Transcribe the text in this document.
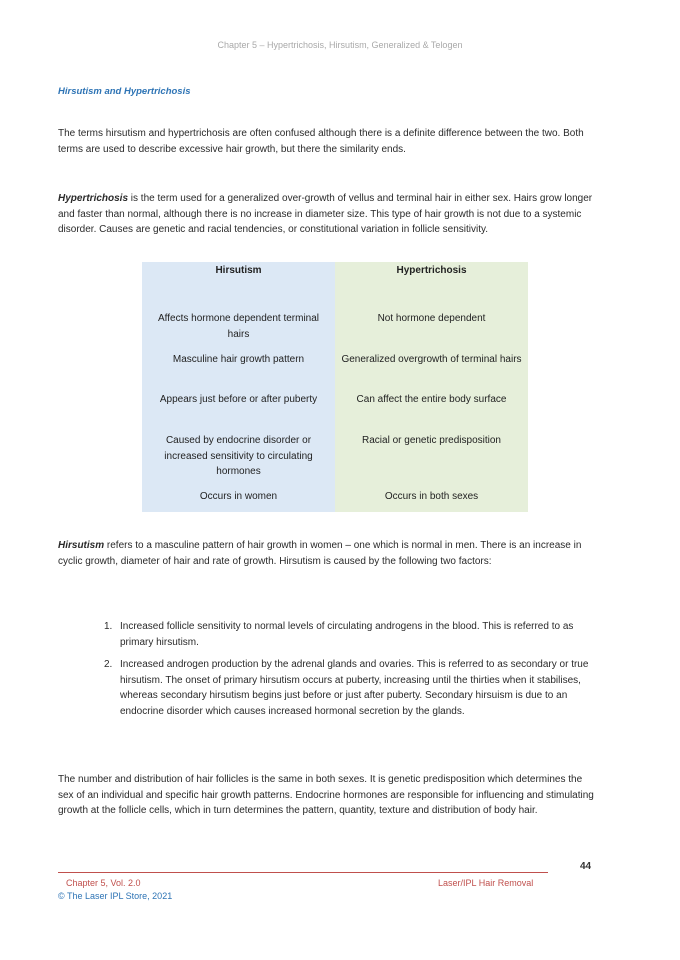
Chapter 5 – Hypertrichosis, Hirsutism, Generalized & Telogen
Hirsutism and Hypertrichosis
The terms hirsutism and hypertrichosis are often confused although there is a definite difference between the two. Both terms are used to describe excessive hair growth, but there the similarity ends.
Hypertrichosis is the term used for a generalized over-growth of vellus and terminal hair in either sex. Hairs grow longer and faster than normal, although there is no increase in diameter size. This type of hair growth is not due to a systemic disorder. Causes are genetic and racial tendencies, or constitutional variation in follicle sensitivity.
Hirsutism
Affects hormone dependent terminal hairs
Masculine hair growth pattern
Appears just before or after puberty
Caused by endocrine disorder or increased sensitivity to circulating hormones
Occurs in women
Hypertrichosis
Not hormone dependent
Generalized overgrowth of terminal hairs
Can affect the entire body surface
Racial or genetic predisposition
Occurs in both sexes
Hirsutism refers to a masculine pattern of hair growth in women – one which is normal in men. There is an increase in cyclic growth, diameter of hair and rate of growth. Hirsutism is caused by the following two factors:
1. Increased follicle sensitivity to normal levels of circulating androgens in the blood. This is referred to as primary hirsutism.
2. Increased androgen production by the adrenal glands and ovaries. This is referred to as secondary or true hirsutism. The onset of primary hirsutism occurs at puberty, increasing until the thirties when it stabilises, whereas secondary hirsutism begins just before or just after puberty. Secondary hirsuism is due to an endocrine disorder which causes increased hormonal secretion by the glands.
The number and distribution of hair follicles is the same in both sexes. It is genetic predisposition which determines the sex of an individual and specific hair growth patterns. Endocrine hormones are responsible for influencing and stimulating growth at the follicle cells, which in turn determines the pattern, quantity, texture and distribution of body hair.
44
Chapter 5, Vol. 2.0	Laser/IPL Hair Removal
© The Laser IPL Store, 2021
